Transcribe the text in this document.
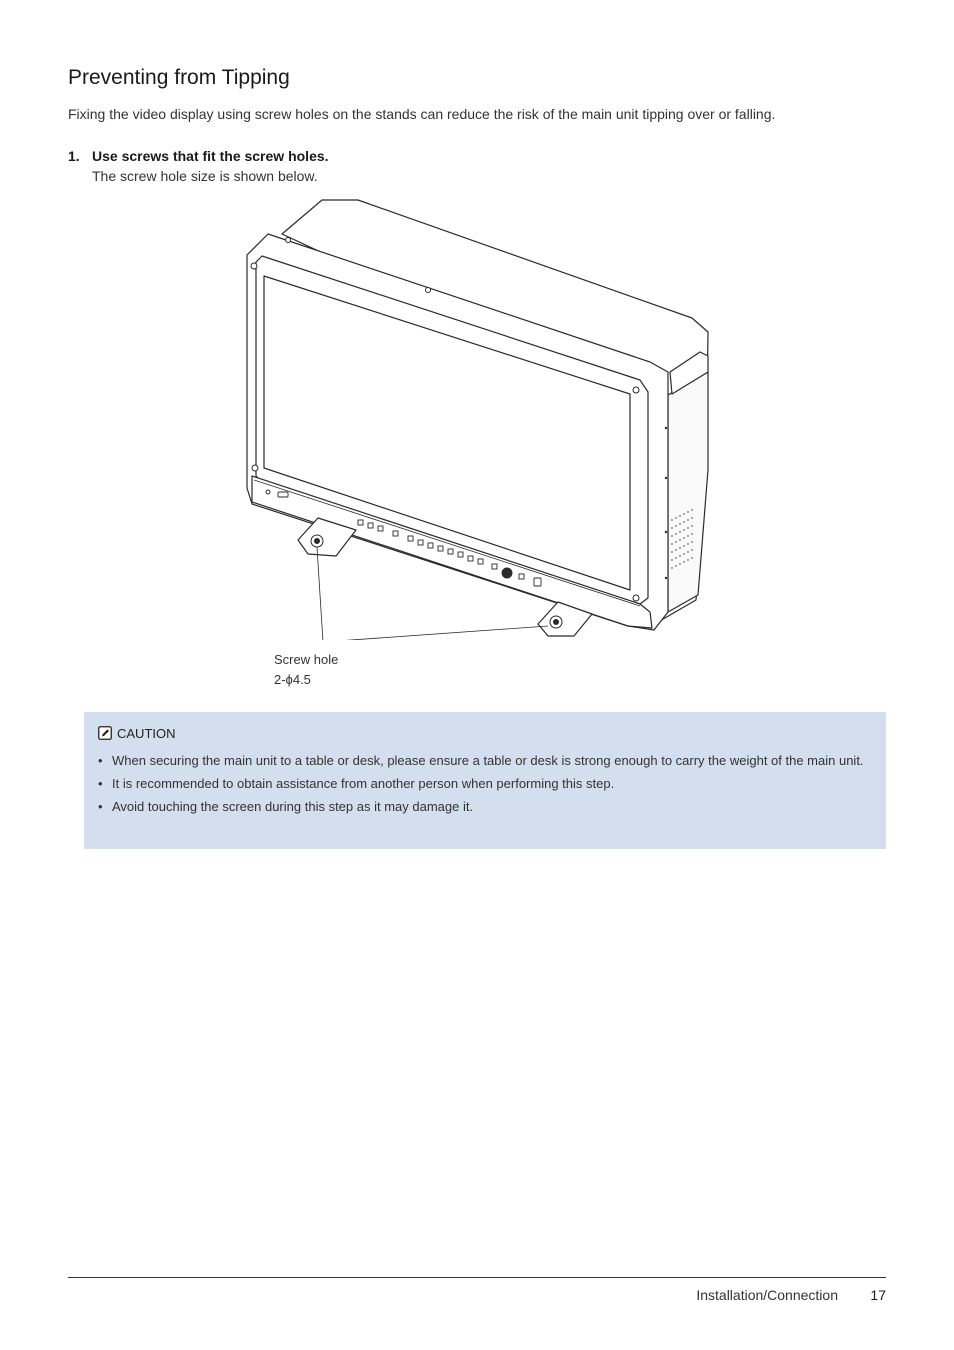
Preventing from Tipping

Fixing the video display using screw holes on the stands can reduce the risk of the main unit tipping over or falling.

1. Use screws that fit the screw holes.
The screw hole size is shown below.
Screw hole
2-ϕ4.5
CAUTION
• When securing the main unit to a table or desk, please ensure a table or desk is strong enough to carry the weight of the main unit.
• It is recommended to obtain assistance from another person when performing this step.
• Avoid touching the screen during this step as it may damage it.
Installation/Connection 17
